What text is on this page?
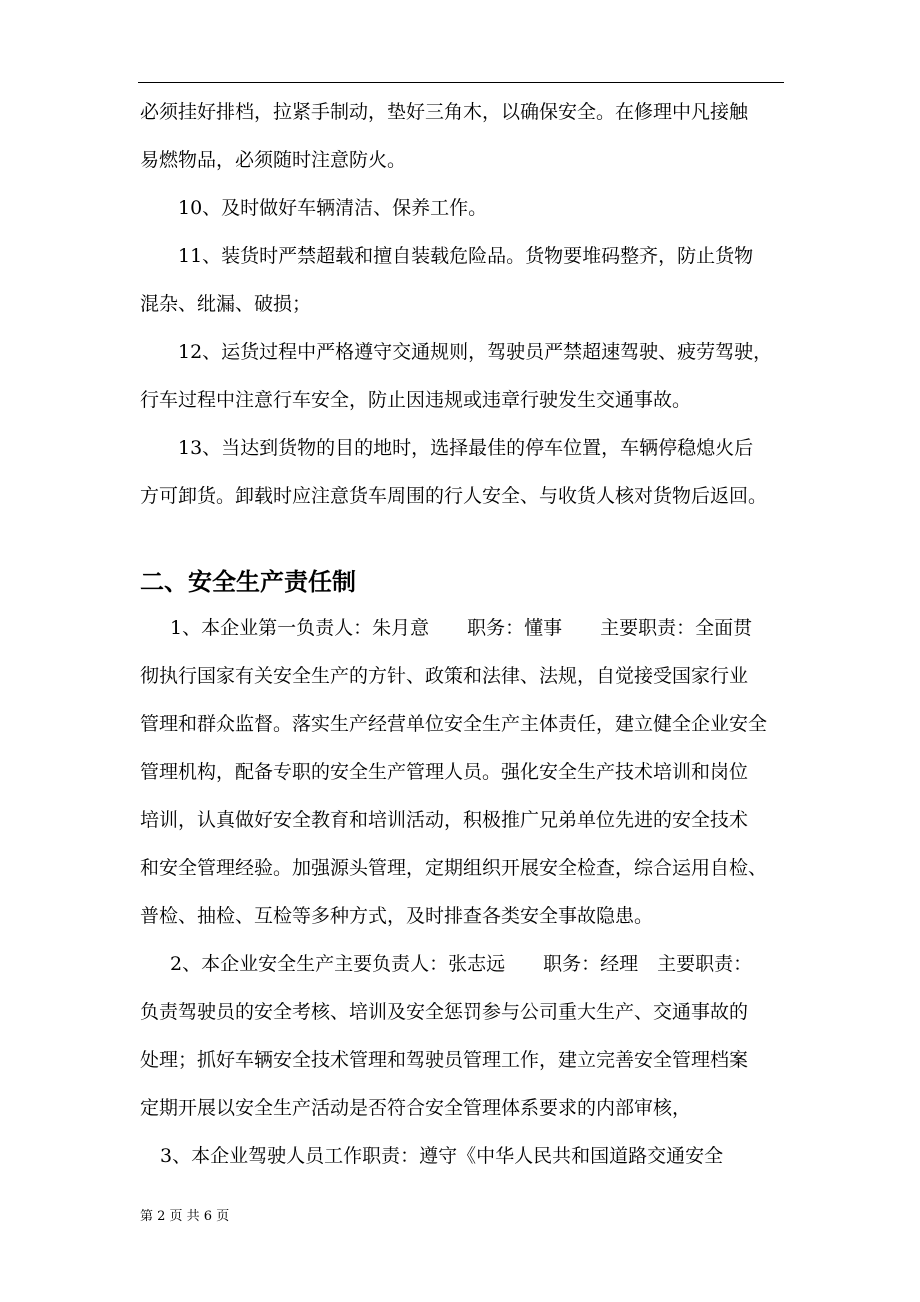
必须挂好排档，拉紧手制动，垫好三角木，以确保安全。在修理中凡接触
易燃物品，必须随时注意防火。

10、及时做好车辆清洁、保养工作。

11、装货时严禁超载和擅自装载危险品。货物要堆码整齐，防止货物
混杂、纰漏、破损；

12、运货过程中严格遵守交通规则，驾驶员严禁超速驾驶、疲劳驾驶，
行车过程中注意行车安全，防止因违规或违章行驶发生交通事故。

13、当达到货物的目的地时，选择最佳的停车位置，车辆停稳熄火后
方可卸货。卸载时应注意货车周围的行人安全、与收货人核对货物后返回。

二、安全生产责任制

1、本企业第一负责人：朱月意　　职务：懂事　　主要职责：全面贯
彻执行国家有关安全生产的方针、政策和法律、法规，自觉接受国家行业
管理和群众监督。落实生产经营单位安全生产主体责任，建立健全企业安全
管理机构，配备专职的安全生产管理人员。强化安全生产技术培训和岗位
培训，认真做好安全教育和培训活动，积极推广兄弟单位先进的安全技术
和安全管理经验。加强源头管理，定期组织开展安全检查，综合运用自检、
普检、抽检、互检等多种方式，及时排查各类安全事故隐患。

2、本企业安全生产主要负责人：张志远　　职务：经理　主要职责：
负责驾驶员的安全考核、培训及安全惩罚参与公司重大生产、交通事故的
处理；抓好车辆安全技术管理和驾驶员管理工作，建立完善安全管理档案
定期开展以安全生产活动是否符合安全管理体系要求的内部审核，

3、本企业驾驶人员工作职责：遵守《中华人民共和国道路交通安全

第 2 页 共 6 页
